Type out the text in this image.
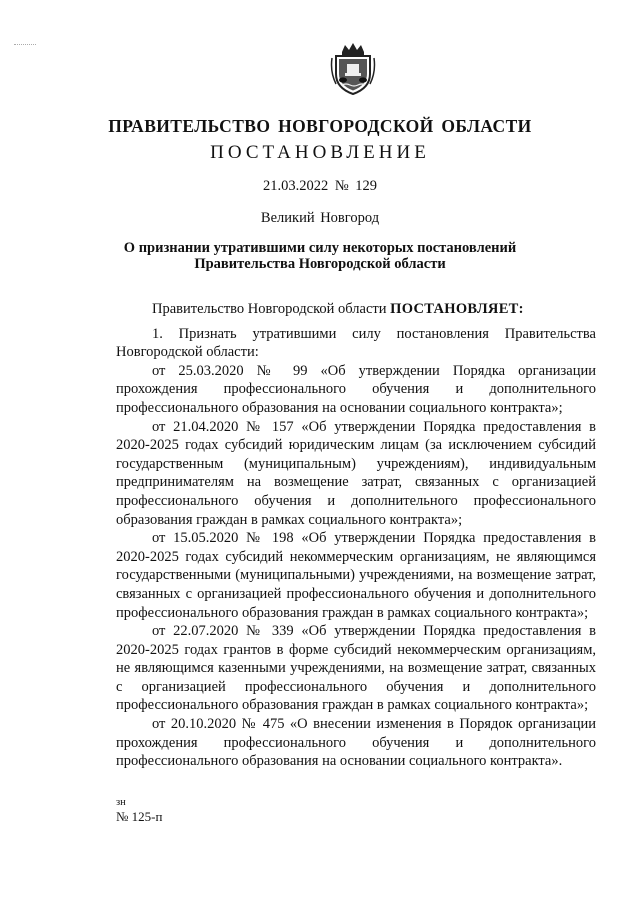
ПРАВИТЕЛЬСТВО НОВГОРОДСКОЙ ОБЛАСТИ
ПОСТАНОВЛЕНИЕ
21.03.2022 № 129
Великий Новгород
О признании утратившими силу некоторых постановлений
Правительства Новгородской области

Правительство Новгородской области ПОСТАНОВЛЯЕТ:

1. Признать утратившими силу постановления Правительства Новгородской области:

от 25.03.2020 № 99 «Об утверждении Порядка организации прохождения профессионального обучения и дополнительного профессионального образования на основании социального контракта»;

от 21.04.2020 № 157 «Об утверждении Порядка предоставления в 2020-2025 годах субсидий юридическим лицам (за исключением субсидий государственным (муниципальным) учреждениям), индивидуальным предпринимателям на возмещение затрат, связанных с организацией профессионального обучения и дополнительного профессионального образования граждан в рамках социального контракта»;

от 15.05.2020 № 198 «Об утверждении Порядка предоставления в 2020-2025 годах субсидий некоммерческим организациям, не являющимся государственными (муниципальными) учреждениями, на возмещение затрат, связанных с организацией профессионального обучения и дополнительного профессионального образования граждан в рамках социального контракта»;

от 22.07.2020 № 339 «Об утверждении Порядка предоставления в 2020-2025 годах грантов в форме субсидий некоммерческим организациям, не являющимся казенными учреждениями, на возмещение затрат, связанных с организацией профессионального обучения и дополнительного профессионального образования граждан в рамках социального контракта»;

от 20.10.2020 № 475 «О внесении изменения в Порядок организации прохождения профессионального обучения и дополнительного профессионального образования на основании социального контракта».

зн
№ 125-п
